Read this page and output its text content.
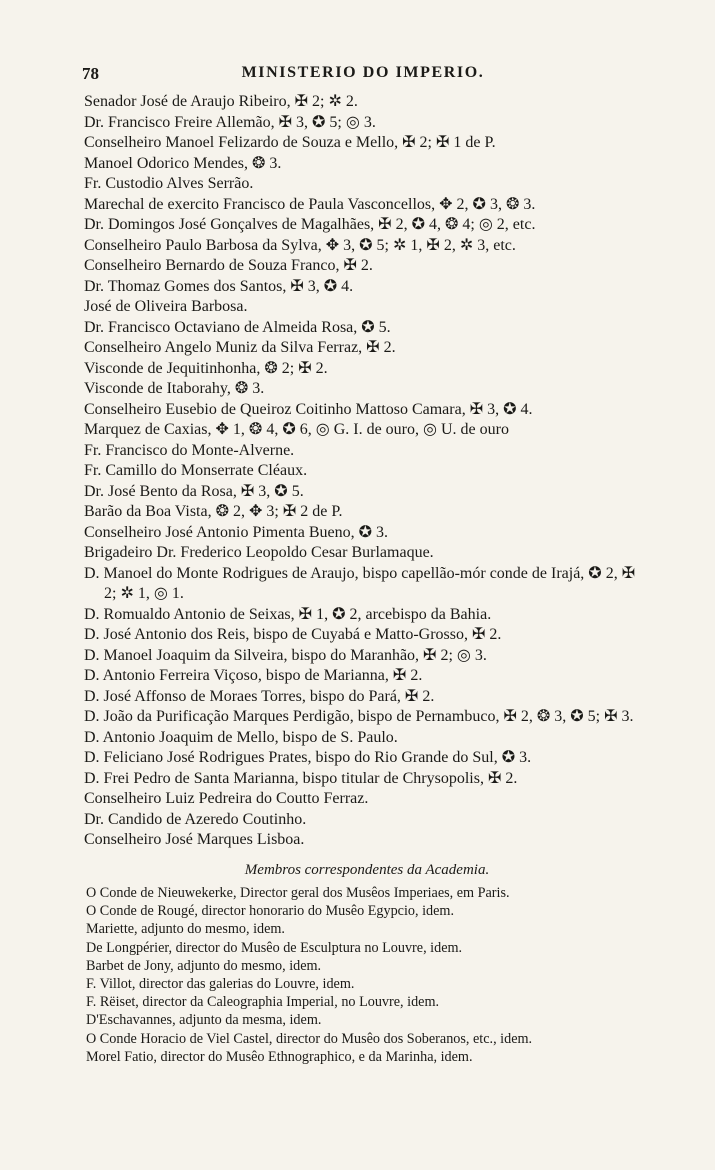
78	MINISTERIO DO IMPERIO.
Senador José de Araujo Ribeiro, ✠ 2; ✲ 2.
Dr. Francisco Freire Allemão, ✠ 3, ✪ 5; ◎ 3.
Conselheiro Manoel Felizardo de Souza e Mello, ✠ 2; ✠ 1 de P.
Manoel Odorico Mendes, ❂ 3.
Fr. Custodio Alves Serrão.
Marechal de exercito Francisco de Paula Vasconcellos, ✥ 2, ✪ 3, ❂ 3.
Dr. Domingos José Gonçalves de Magalhães, ✠ 2, ✪ 4, ❂ 4; ◎ 2, etc.
Conselheiro Paulo Barbosa da Sylva, ✥ 3, ✪ 5; ✲ 1, ✠ 2, ✲ 3, etc.
Conselheiro Bernardo de Souza Franco, ✠ 2.
Dr. Thomaz Gomes dos Santos, ✠ 3, ✪ 4.
José de Oliveira Barbosa.
Dr. Francisco Octaviano de Almeida Rosa, ✪ 5.
Conselheiro Angelo Muniz da Silva Ferraz, ✠ 2.
Visconde de Jequitinhonha, ❂ 2; ✠ 2.
Visconde de Itaborahy, ❂ 3.
Conselheiro Eusebio de Queiroz Coitinho Mattoso Camara, ✠ 3, ✪ 4.
Marquez de Caxias, ✥ 1, ❂ 4, ✪ 6, ◎ G. I. de ouro, ◎ U. de ouro
Fr. Francisco do Monte-Alverne.
Fr. Camillo do Monserrate Cléaux.
Dr. José Bento da Rosa, ✠ 3, ✪ 5.
Barão da Boa Vista, ❂ 2, ✥ 3; ✠ 2 de P.
Conselheiro José Antonio Pimenta Bueno, ✪ 3.
Brigadeiro Dr. Frederico Leopoldo Cesar Burlamaque.
D. Manoel do Monte Rodrigues de Araujo, bispo capellão-mór conde de Irajá, ✪ 2, ✠ 2; ✲ 1, ◎ 1.
D. Romualdo Antonio de Seixas, ✠ 1, ✪ 2, arcebispo da Bahia.
D. José Antonio dos Reis, bispo de Cuyabá e Matto-Grosso, ✠ 2.
D. Manoel Joaquim da Silveira, bispo do Maranhão, ✠ 2; ◎ 3.
D. Antonio Ferreira Viçoso, bispo de Marianna, ✠ 2.
D. José Affonso de Moraes Torres, bispo do Pará, ✠ 2.
D. João da Purificação Marques Perdigão, bispo de Pernambuco, ✠ 2, ❂ 3, ✪ 5; ✠ 3.
D. Antonio Joaquim de Mello, bispo de S. Paulo.
D. Feliciano José Rodrigues Prates, bispo do Rio Grande do Sul, ✪ 3.
D. Frei Pedro de Santa Marianna, bispo titular de Chrysopolis, ✠ 2.
Conselheiro Luiz Pedreira do Coutto Ferraz.
Dr. Candido de Azeredo Coutinho.
Conselheiro José Marques Lisboa.
Membros correspondentes da Academia.
O Conde de Nieuwekerke, Director geral dos Musêos Imperiaes, em Paris.
O Conde de Rougé, director honorario do Musêo Egypcio, idem.
Mariette, adjunto do mesmo, idem.
De Longpérier, director do Musêo de Esculptura no Louvre, idem.
Barbet de Jony, adjunto do mesmo, idem.
F. Villot, director das galerias do Louvre, idem.
F. Rëiset, director da Caleographia Imperial, no Louvre, idem.
D'Eschavannes, adjunto da mesma, idem.
O Conde Horacio de Viel Castel, director do Musêo dos Soberanos, etc., idem.
Morel Fatio, director do Musêo Ethnographico, e da Marinha, idem.
